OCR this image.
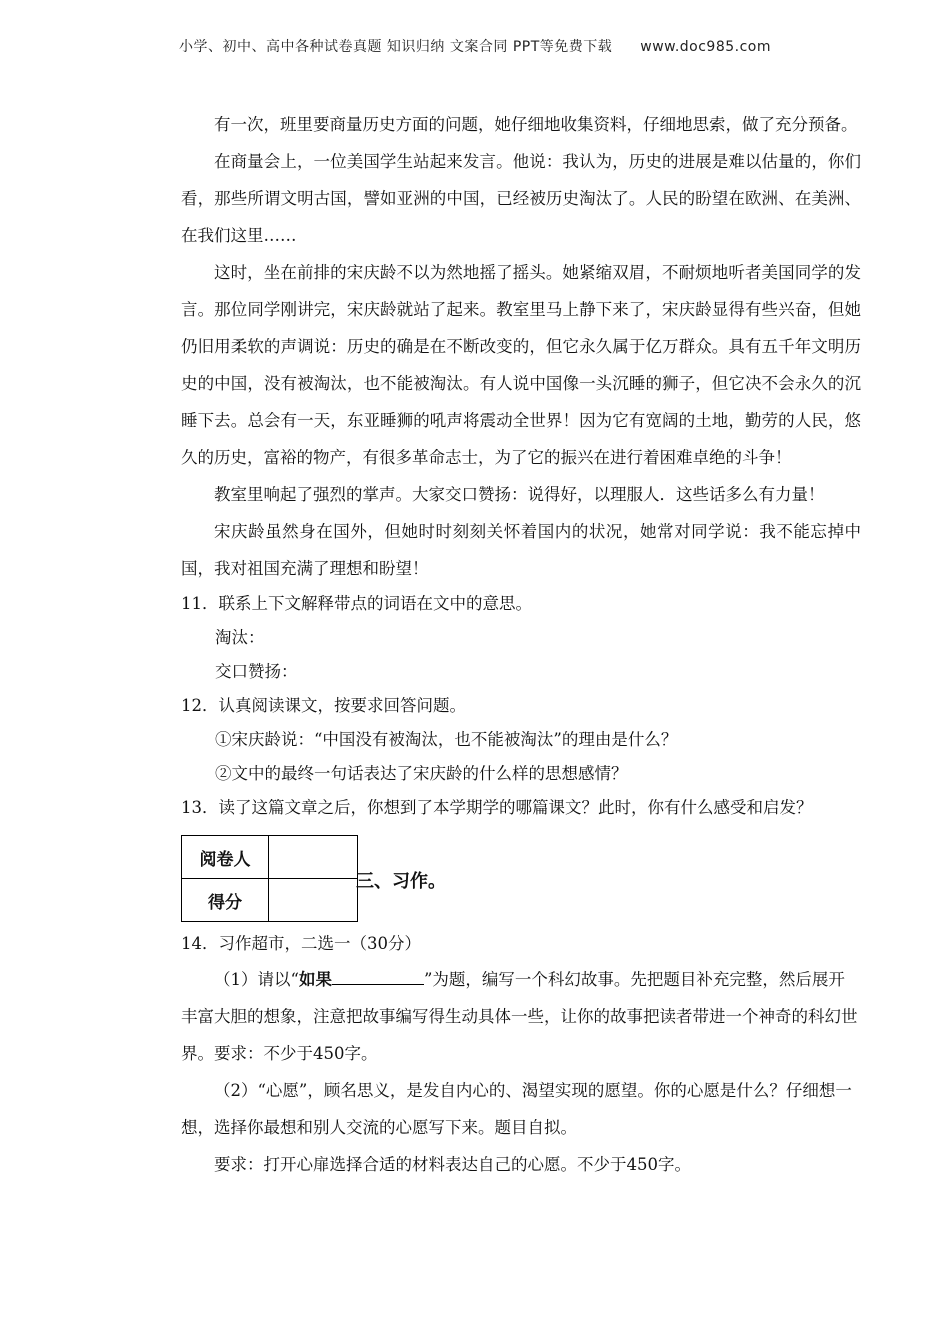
小学、初中、高中各种试卷真题 知识归纳 文案合同 PPT等免费下载 www.doc985.com

有一次，班里要商量历史方面的问题，她仔细地收集资料，仔细地思索，做了充分预备。

在商量会上，一位美国学生站起来发言。他说：我认为，历史的进展是难以估量的，你们看，那些所谓文明古国，譬如亚洲的中国，已经被历史淘汰了。人民的盼望在欧洲、在美洲、在我们这里……

这时，坐在前排的宋庆龄不以为然地摇了摇头。她紧缩双眉，不耐烦地听者美国同学的发言。那位同学刚讲完，宋庆龄就站了起来。教室里马上静下来了，宋庆龄显得有些兴奋，但她仍旧用柔软的声调说：历史的确是在不断改变的，但它永久属于亿万群众。具有五千年文明历史的中国，没有被淘汰，也不能被淘汰。有人说中国像一头沉睡的狮子，但它决不会永久的沉睡下去。总会有一天，东亚睡狮的吼声将震动全世界！因为它有宽阔的土地，勤劳的人民，悠久的历史，富裕的物产，有很多革命志士，为了它的振兴在进行着困难卓绝的斗争！

教室里响起了强烈的掌声。大家交口赞扬：说得好，以理服人．这些话多么有力量！

宋庆龄虽然身在国外，但她时时刻刻关怀着国内的状况，她常对同学说：我不能忘掉中国，我对祖国充满了理想和盼望！

11．联系上下文解释带点的词语在文中的意思。

淘汰：

交口赞扬：

12．认真阅读课文，按要求回答问题。

①宋庆龄说：“中国没有被淘汰，也不能被淘汰”的理由是什么？

②文中的最终一句话表达了宋庆龄的什么样的思想感情？

13．读了这篇文章之后，你想到了本学期学的哪篇课文？此时，你有什么感受和启发？

阅卷人	
得分	
三、习作。

14．习作超市，二选一（30分）

（1）请以“如果	”为题，编写一个科幻故事。先把题目补充完整，然后展开丰富大胆的想象，注意把故事编写得生动具体一些，让你的故事把读者带进一个神奇的科幻世界。要求：不少于450字。

（2）“心愿”，顾名思义，是发自内心的、渴望实现的愿望。你的心愿是什么？仔细想一想，选择你最想和别人交流的心愿写下来。题目自拟。

要求：打开心扉选择合适的材料表达自己的心愿。不少于450字。
